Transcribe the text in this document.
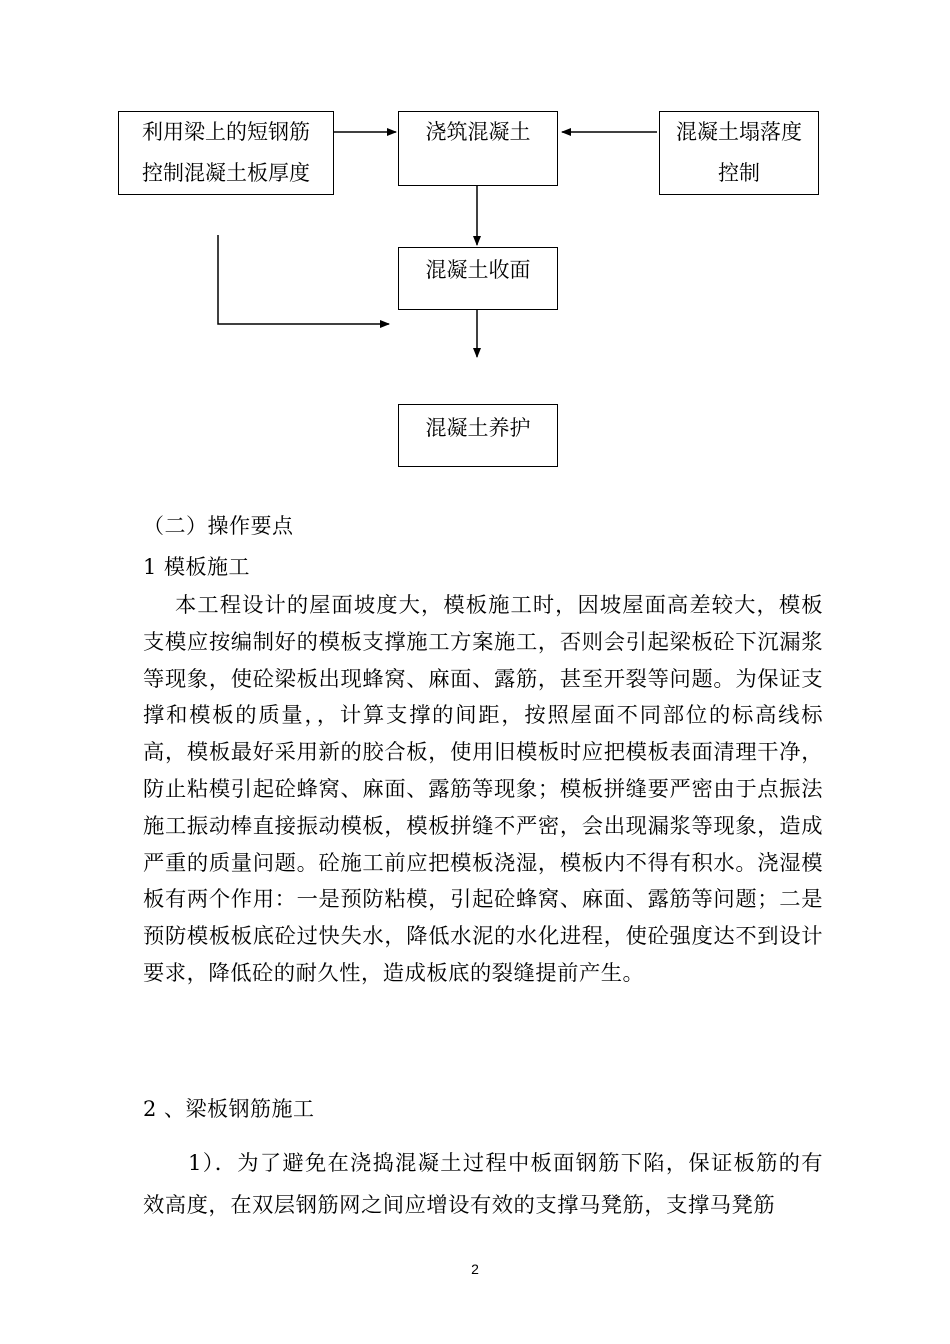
利用梁上的短钢筋
控制混凝土板厚度
浇筑混凝土	混凝土塌落度
控制
混凝土收面
混凝土养护
（二）操作要点
1 模板施工
本工程设计的屋面坡度大，模板施工时，因坡屋面高差较大，模板支模应按编制好的模板支撑施工方案施工，否则会引起梁板砼下沉漏浆等现象，使砼梁板出现蜂窝、麻面、露筋，甚至开裂等问题。为保证支撑和模板的质量，，计算支撑的间距，按照屋面不同部位的标高线标高，模板最好采用新的胶合板，使用旧模板时应把模板表面清理干净，防止粘模引起砼蜂窝、麻面、露筋等现象；模板拼缝要严密由于点振法施工振动棒直接振动模板，模板拼缝不严密，会出现漏浆等现象，造成严重的质量问题。砼施工前应把模板浇湿，模板内不得有积水。浇湿模板有两个作用：一是预防粘模，引起砼蜂窝、麻面、露筋等问题；二是预防模板板底砼过快失水，降低水泥的水化进程，使砼强度达不到设计要求，降低砼的耐久性，造成板底的裂缝提前产生。
2 、梁板钢筋施工
1）．为了避免在浇捣混凝土过程中板面钢筋下陷，保证板筋的有效高度，在双层钢筋网之间应增设有效的支撑马凳筋，支撑马凳筋
2
